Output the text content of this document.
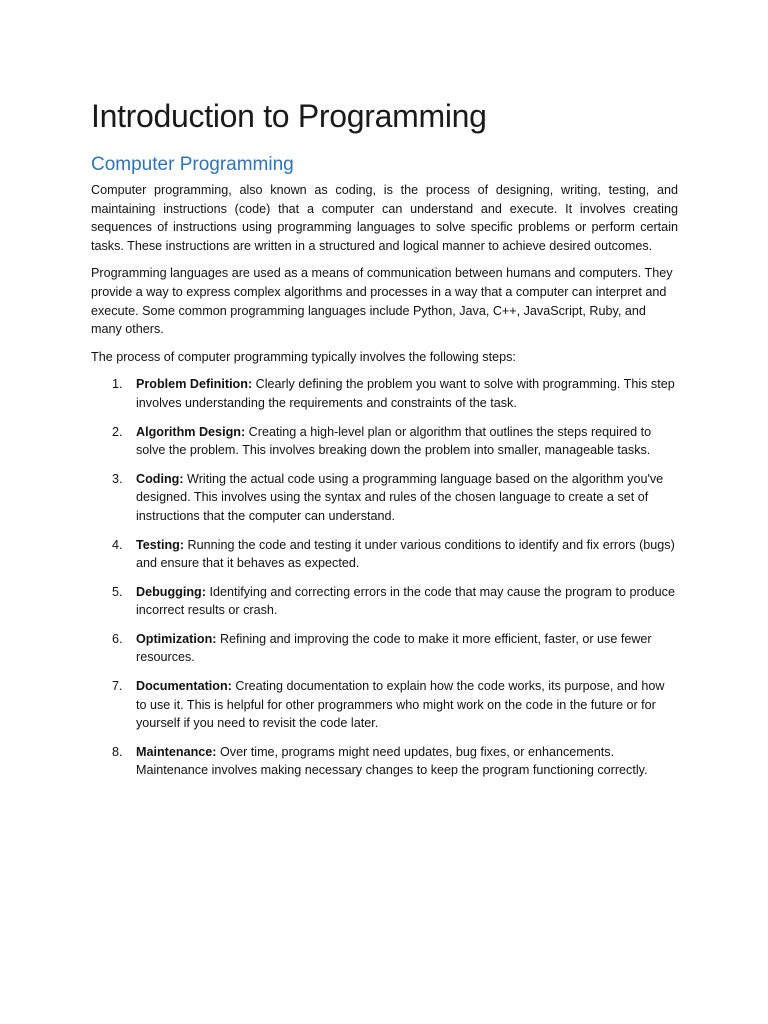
Introduction to Programming
Computer Programming

Computer programming, also known as coding, is the process of designing, writing, testing, and maintaining instructions (code) that a computer can understand and execute. It involves creating sequences of instructions using programming languages to solve specific problems or perform certain tasks. These instructions are written in a structured and logical manner to achieve desired outcomes.

Programming languages are used as a means of communication between humans and computers. They provide a way to express complex algorithms and processes in a way that a computer can interpret and execute. Some common programming languages include Python, Java, C++, JavaScript, Ruby, and many others.

The process of computer programming typically involves the following steps:

1. Problem Definition: Clearly defining the problem you want to solve with programming. This step involves understanding the requirements and constraints of the task.
2. Algorithm Design: Creating a high-level plan or algorithm that outlines the steps required to solve the problem. This involves breaking down the problem into smaller, manageable tasks.
3. Coding: Writing the actual code using a programming language based on the algorithm you've designed. This involves using the syntax and rules of the chosen language to create a set of instructions that the computer can understand.
4. Testing: Running the code and testing it under various conditions to identify and fix errors (bugs) and ensure that it behaves as expected.
5. Debugging: Identifying and correcting errors in the code that may cause the program to produce incorrect results or crash.
6. Optimization: Refining and improving the code to make it more efficient, faster, or use fewer resources.
7. Documentation: Creating documentation to explain how the code works, its purpose, and how to use it. This is helpful for other programmers who might work on the code in the future or for yourself if you need to revisit the code later.
8. Maintenance: Over time, programs might need updates, bug fixes, or enhancements. Maintenance involves making necessary changes to keep the program functioning correctly.
